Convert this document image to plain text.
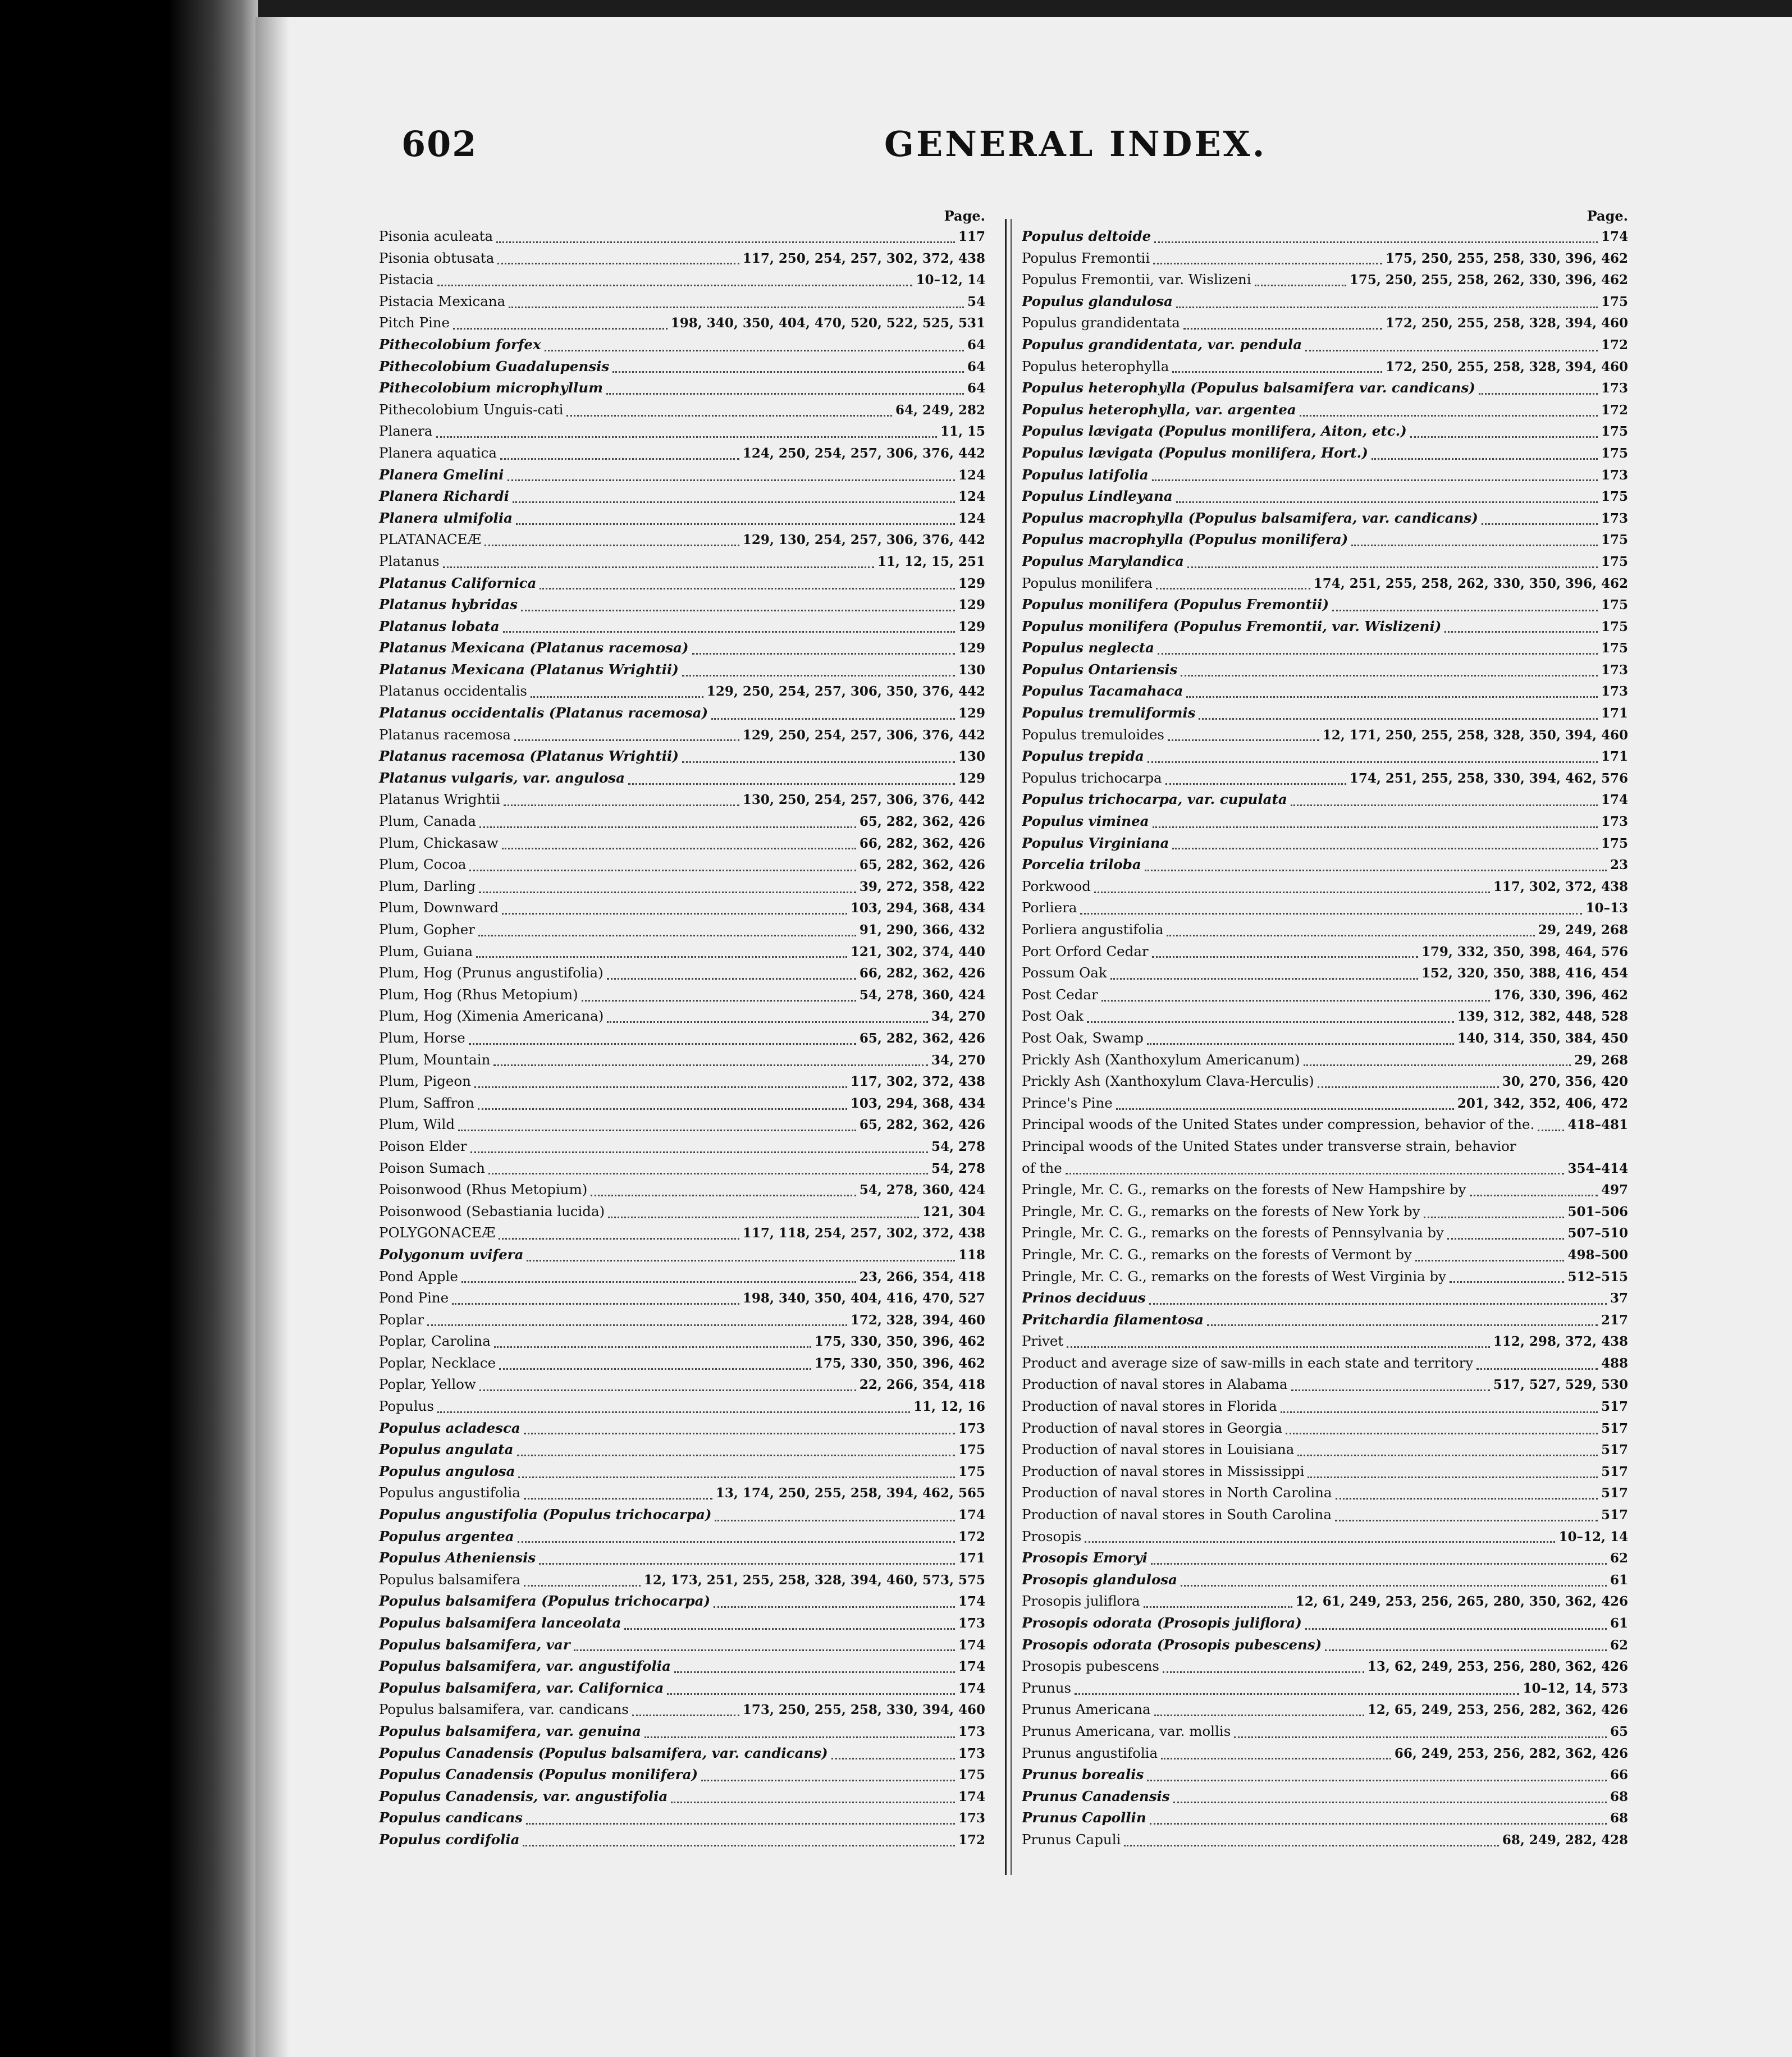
602	GENERAL INDEX.
Page.
Pisonia aculeata	117
Pisonia obtusata	117, 250, 254, 257, 302, 372, 438
Pistacia	10–12, 14
Pistacia Mexicana	54
Pitch Pine	198, 340, 350, 404, 470, 520, 522, 525, 531
Pithecolobium forfex	64
Pithecolobium Guadalupensis	64
Pithecolobium microphyllum	64
Pithecolobium Unguis-cati	64, 249, 282
Planera	11, 15
Planera aquatica	124, 250, 254, 257, 306, 376, 442
Planera Gmelini	124
Planera Richardi	124
Planera ulmifolia	124
PLATANACEÆ	129, 130, 254, 257, 306, 376, 442
Platanus	11, 12, 15, 251
Platanus Californica	129
Platanus hybridas	129
Platanus lobata	129
Platanus Mexicana (Platanus racemosa)	129
Platanus Mexicana (Platanus Wrightii)	130
Platanus occidentalis	129, 250, 254, 257, 306, 350, 376, 442
Platanus occidentalis (Platanus racemosa)	129
Platanus racemosa	129, 250, 254, 257, 306, 376, 442
Platanus racemosa (Platanus Wrightii)	130
Platanus vulgaris, var. angulosa	129
Platanus Wrightii	130, 250, 254, 257, 306, 376, 442
Plum, Canada	65, 282, 362, 426
Plum, Chickasaw	66, 282, 362, 426
Plum, Cocoa	65, 282, 362, 426
Plum, Darling	39, 272, 358, 422
Plum, Downward	103, 294, 368, 434
Plum, Gopher	91, 290, 366, 432
Plum, Guiana	121, 302, 374, 440
Plum, Hog (Prunus angustifolia)	66, 282, 362, 426
Plum, Hog (Rhus Metopium)	54, 278, 360, 424
Plum, Hog (Ximenia Americana)	34, 270
Plum, Horse	65, 282, 362, 426
Plum, Mountain	34, 270
Plum, Pigeon	117, 302, 372, 438
Plum, Saffron	103, 294, 368, 434
Plum, Wild	65, 282, 362, 426
Poison Elder	54, 278
Poison Sumach	54, 278
Poisonwood (Rhus Metopium)	54, 278, 360, 424
Poisonwood (Sebastiania lucida)	121, 304
POLYGONACEÆ	117, 118, 254, 257, 302, 372, 438
Polygonum uvifera	118
Pond Apple	23, 266, 354, 418
Pond Pine	198, 340, 350, 404, 416, 470, 527
Poplar	172, 328, 394, 460
Poplar, Carolina	175, 330, 350, 396, 462
Poplar, Necklace	175, 330, 350, 396, 462
Poplar, Yellow	22, 266, 354, 418
Populus	11, 12, 16
Populus acladesca	173
Populus angulata	175
Populus angulosa	175
Populus angustifolia	13, 174, 250, 255, 258, 394, 462, 565
Populus angustifolia (Populus trichocarpa)	174
Populus argentea	172
Populus Atheniensis	171
Populus balsamifera	12, 173, 251, 255, 258, 328, 394, 460, 573, 575
Populus balsamifera (Populus trichocarpa)	174
Populus balsamifera lanceolata	173
Populus balsamifera, var	174
Populus balsamifera, var. angustifolia	174
Populus balsamifera, var. Californica	174
Populus balsamifera, var. candicans	173, 250, 255, 258, 330, 394, 460
Populus balsamifera, var. genuina	173
Populus Canadensis (Populus balsamifera, var. candicans)	173
Populus Canadensis (Populus monilifera)	175
Populus Canadensis, var. angustifolia	174
Populus candicans	173
Populus cordifolia	172
Page.
Populus deltoide	174
Populus Fremontii	175, 250, 255, 258, 330, 396, 462
Populus Fremontii, var. Wislizeni	175, 250, 255, 258, 262, 330, 396, 462
Populus glandulosa	175
Populus grandidentata	172, 250, 255, 258, 328, 394, 460
Populus grandidentata, var. pendula	172
Populus heterophylla	172, 250, 255, 258, 328, 394, 460
Populus heterophylla (Populus balsamifera var. candicans)	173
Populus heterophylla, var. argentea	172
Populus lævigata (Populus monilifera, Aiton, etc.)	175
Populus lævigata (Populus monilifera, Hort.)	175
Populus latifolia	173
Populus Lindleyana	175
Populus macrophylla (Populus balsamifera, var. candicans)	173
Populus macrophylla (Populus monilifera)	175
Populus Marylandica	175
Populus monilifera	174, 251, 255, 258, 262, 330, 350, 396, 462
Populus monilifera (Populus Fremontii)	175
Populus monilifera (Populus Fremontii, var. Wislizeni)	175
Populus neglecta	175
Populus Ontariensis	173
Populus Tacamahaca	173
Populus tremuliformis	171
Populus tremuloides	12, 171, 250, 255, 258, 328, 350, 394, 460
Populus trepida	171
Populus trichocarpa	174, 251, 255, 258, 330, 394, 462, 576
Populus trichocarpa, var. cupulata	174
Populus viminea	173
Populus Virginiana	175
Porcelia triloba	23
Porkwood	117, 302, 372, 438
Porliera	10–13
Porliera angustifolia	29, 249, 268
Port Orford Cedar	179, 332, 350, 398, 464, 576
Possum Oak	152, 320, 350, 388, 416, 454
Post Cedar	176, 330, 396, 462
Post Oak	139, 312, 382, 448, 528
Post Oak, Swamp	140, 314, 350, 384, 450
Prickly Ash (Xanthoxylum Americanum)	29, 268
Prickly Ash (Xanthoxylum Clava-Herculis)	30, 270, 356, 420
Prince's Pine	201, 342, 352, 406, 472
Principal woods of the United States under compression, behavior of the.	418–481
Principal woods of the United States under transverse strain, behavior
of the	354–414
Pringle, Mr. C. G., remarks on the forests of New Hampshire by	497
Pringle, Mr. C. G., remarks on the forests of New York by	501–506
Pringle, Mr. C. G., remarks on the forests of Pennsylvania by	507–510
Pringle, Mr. C. G., remarks on the forests of Vermont by	498–500
Pringle, Mr. C. G., remarks on the forests of West Virginia by	512–515
Prinos deciduus	37
Pritchardia filamentosa	217
Privet	112, 298, 372, 438
Product and average size of saw-mills in each state and territory	488
Production of naval stores in Alabama	517, 527, 529, 530
Production of naval stores in Florida	517
Production of naval stores in Georgia	517
Production of naval stores in Louisiana	517
Production of naval stores in Mississippi	517
Production of naval stores in North Carolina	517
Production of naval stores in South Carolina	517
Prosopis	10–12, 14
Prosopis Emoryi	62
Prosopis glandulosa	61
Prosopis juliflora	12, 61, 249, 253, 256, 265, 280, 350, 362, 426
Prosopis odorata (Prosopis juliflora)	61
Prosopis odorata (Prosopis pubescens)	62
Prosopis pubescens	13, 62, 249, 253, 256, 280, 362, 426
Prunus	10–12, 14, 573
Prunus Americana	12, 65, 249, 253, 256, 282, 362, 426
Prunus Americana, var. mollis	65
Prunus angustifolia	66, 249, 253, 256, 282, 362, 426
Prunus borealis	66
Prunus Canadensis	68
Prunus Capollin	68
Prunus Capuli	68, 249, 282, 428
